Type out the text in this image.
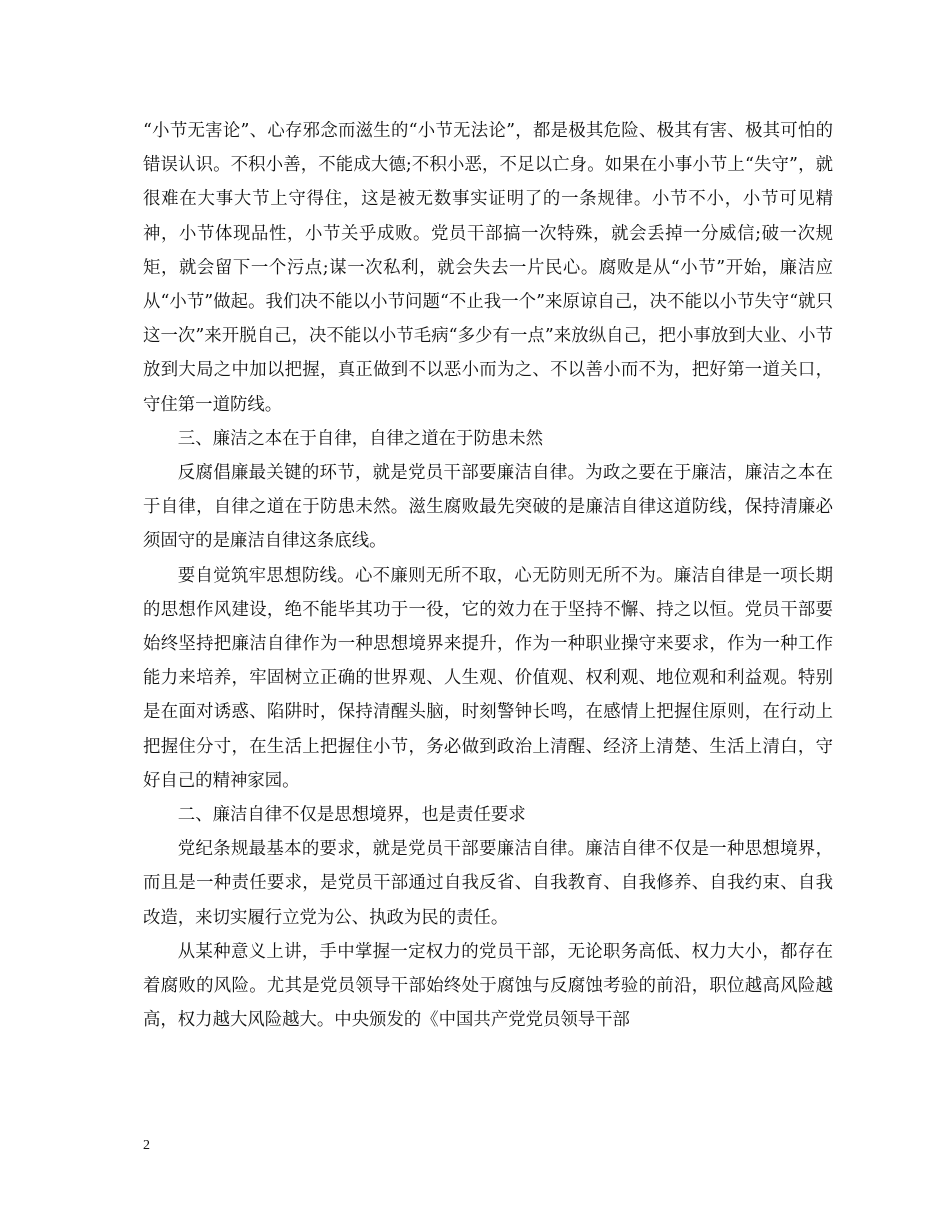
“小节无害论”、心存邪念而滋生的“小节无法论”，都是极其危险、极其有害、极其可怕的错误认识。不积小善，不能成大德;不积小恶，不足以亡身。如果在小事小节上“失守”，就很难在大事大节上守得住，这是被无数事实证明了的一条规律。小节不小，小节可见精神，小节体现品性，小节关乎成败。党员干部搞一次特殊，就会丢掉一分威信;破一次规矩，就会留下一个污点;谋一次私利，就会失去一片民心。腐败是从“小节”开始，廉洁应从“小节”做起。我们决不能以小节问题“不止我一个”来原谅自己，决不能以小节失守“就只这一次”来开脱自己，决不能以小节毛病“多少有一点”来放纵自己，把小事放到大业、小节放到大局之中加以把握，真正做到不以恶小而为之、不以善小而不为，把好第一道关口，守住第一道防线。

三、廉洁之本在于自律，自律之道在于防患未然

反腐倡廉最关键的环节，就是党员干部要廉洁自律。为政之要在于廉洁，廉洁之本在于自律，自律之道在于防患未然。滋生腐败最先突破的是廉洁自律这道防线，保持清廉必须固守的是廉洁自律这条底线。

要自觉筑牢思想防线。心不廉则无所不取，心无防则无所不为。廉洁自律是一项长期的思想作风建设，绝不能毕其功于一役，它的效力在于坚持不懈、持之以恒。党员干部要始终坚持把廉洁自律作为一种思想境界来提升，作为一种职业操守来要求，作为一种工作能力来培养，牢固树立正确的世界观、人生观、价值观、权利观、地位观和利益观。特别是在面对诱惑、陷阱时，保持清醒头脑，时刻警钟长鸣，在感情上把握住原则，在行动上把握住分寸，在生活上把握住小节，务必做到政治上清醒、经济上清楚、生活上清白，守好自己的精神家园。

二、廉洁自律不仅是思想境界，也是责任要求

党纪条规最基本的要求，就是党员干部要廉洁自律。廉洁自律不仅是一种思想境界，而且是一种责任要求，是党员干部通过自我反省、自我教育、自我修养、自我约束、自我改造，来切实履行立党为公、执政为民的责任。

从某种意义上讲，手中掌握一定权力的党员干部，无论职务高低、权力大小，都存在着腐败的风险。尤其是党员领导干部始终处于腐蚀与反腐蚀考验的前沿，职位越高风险越高，权力越大风险越大。中央颁发的《中国共产党党员领导干部

2
